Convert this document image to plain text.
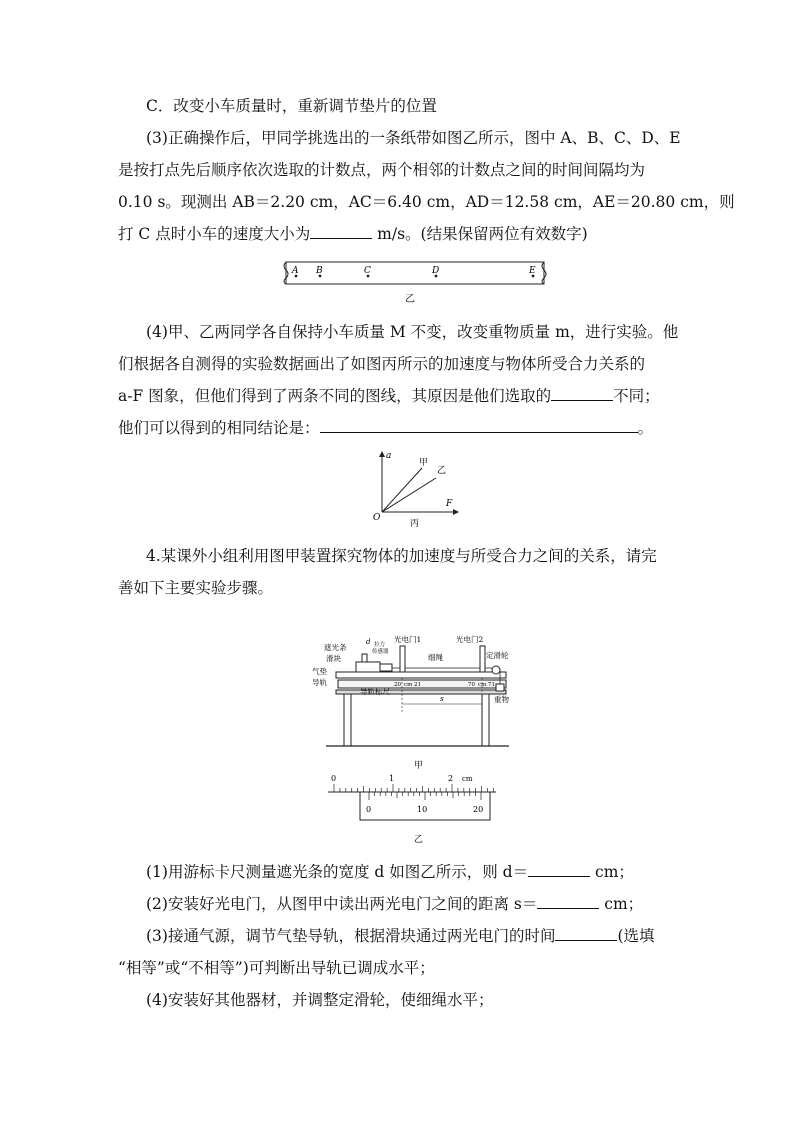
C．改变小车质量时，重新调节垫片的位置
(3)正确操作后，甲同学挑选出的一条纸带如图乙所示，图中 A、B、C、D、E
是按打点先后顺序依次选取的计数点，两个相邻的计数点之间的时间间隔均为
0.10 s。现测出 AB＝2.20 cm，AC＝6.40 cm，AD＝12.58 cm，AE＝20.80 cm，则
打 C 点时小车的速度大小为	m/s。(结果保留两位有效数字)
A B	C	D	E
乙
(4)甲、乙两同学各自保持小车质量 M 不变，改变重物质量 m，进行实验。他
们根据各自测得的实验数据画出了如图丙所示的加速度与物体所受合力关系的
a-F 图象，但他们得到了两条不同的图线，其原因是他们选取的	不同；
他们可以得到的相同结论是：	。
a
F
O
甲
乙
丙
4.某课外小组利用图甲装置探究物体的加速度与所受合力之间的关系，请完
善如下主要实验步骤。
d
遮光条
滑块
拉力
传感器
光电门1	光电门2
细绳	定滑轮
气垫
导轨	20 cm 21	70 cm 71
导轨标尺
s	重物
甲
0	1	2 cm
0	10	20
乙
(1)用游标卡尺测量遮光条的宽度 d 如图乙所示，则 d＝	cm；
(2)安装好光电门，从图甲中读出两光电门之间的距离 s＝	cm；
(3)接通气源，调节气垫导轨，根据滑块通过两光电门的时间	(选填
“相等”或“不相等”)可判断出导轨已调成水平；
(4)安装好其他器材，并调整定滑轮，使细绳水平；
